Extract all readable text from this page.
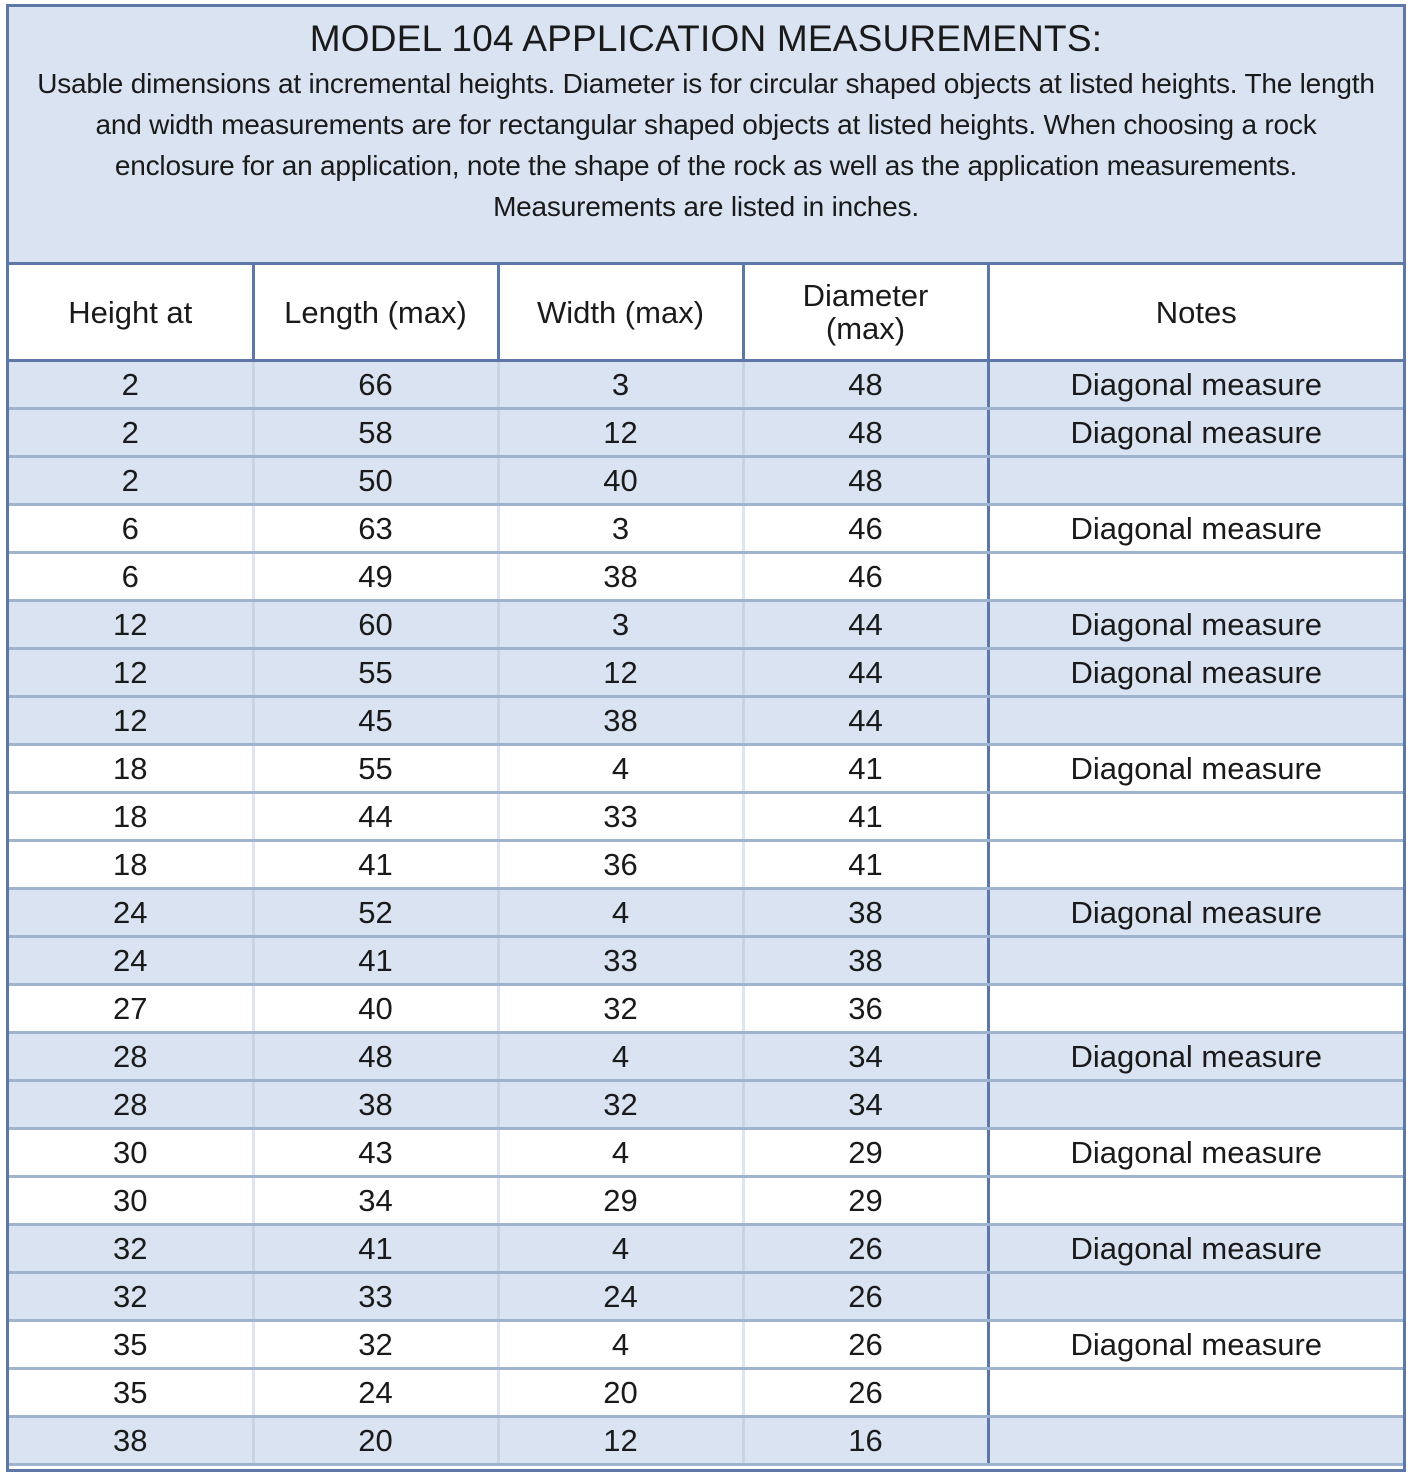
MODEL 104 APPLICATION MEASUREMENTS:
Usable dimensions at incremental heights. Diameter is for circular shaped objects at listed heights. The length and width measurements are for rectangular shaped objects at listed heights. When choosing a rock enclosure for an application, note the shape of the rock as well as the application measurements. Measurements are listed in inches.
Height at	Length (max)	Width (max)	Diameter (max)	Notes
2	66	3	48	Diagonal measure
2	58	12	48	Diagonal measure
2	50	40	48	
6	63	3	46	Diagonal measure
6	49	38	46	
12	60	3	44	Diagonal measure
12	55	12	44	Diagonal measure
12	45	38	44	
18	55	4	41	Diagonal measure
18	44	33	41	
18	41	36	41	
24	52	4	38	Diagonal measure
24	41	33	38	
27	40	32	36	
28	48	4	34	Diagonal measure
28	38	32	34	
30	43	4	29	Diagonal measure
30	34	29	29	
32	41	4	26	Diagonal measure
32	33	24	26	
35	32	4	26	Diagonal measure
35	24	20	26	
38	20	12	16	
